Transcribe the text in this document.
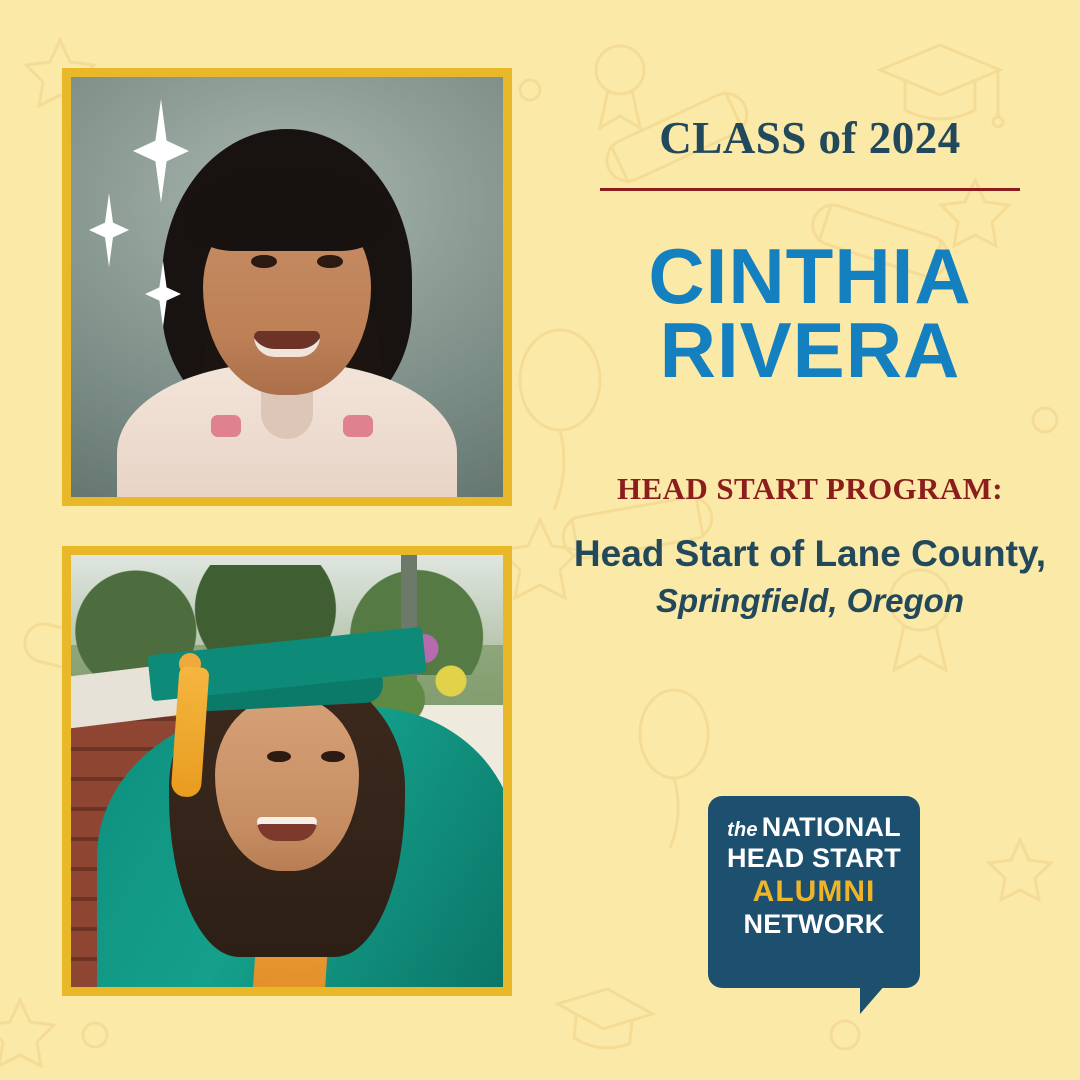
CLASS of 2024
CINTHIA
RIVERA
HEAD START PROGRAM:
Head Start of Lane County,
Springfield, Oregon
the NATIONAL
HEAD START
ALUMNI
NETWORK
